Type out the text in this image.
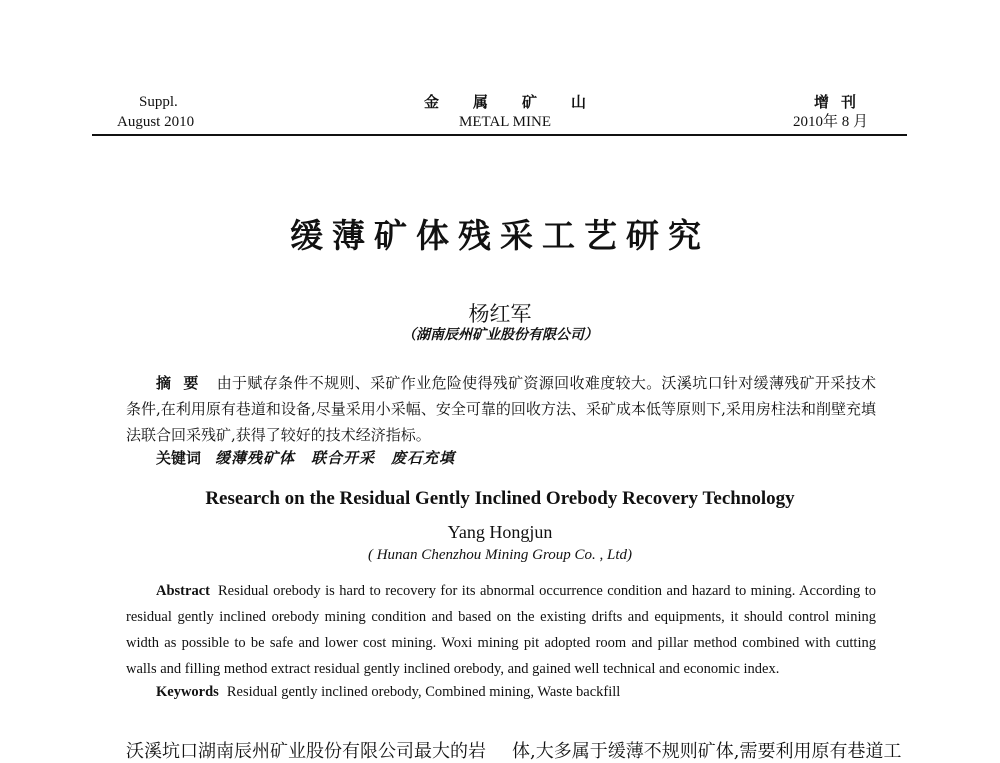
Suppl.
August 2010
金属矿山
METAL MINE
增刊
2010年 8 月
缓薄矿体残采工艺研究
杨红军
（湖南辰州矿业股份有限公司）
摘要 由于赋存条件不规则、采矿作业危险使得残矿资源回收难度较大。沃溪坑口针对缓薄残矿开采技术条件,在利用原有巷道和设备,尽量采用小采幅、安全可靠的回收方法、采矿成本低等原则下,采用房柱法和削壁充填法联合回采残矿,获得了较好的技术经济指标。
关键词 缓薄残矿体　联合开采　废石充填
Research on the Residual Gently Inclined Orebody Recovery Technology
Yang Hongjun
( Hunan Chenzhou Mining Group Co. , Ltd)
Abstract Residual orebody is hard to recovery for its abnormal occurrence condition and hazard to mining. According to residual gently inclined orebody mining condition and based on the existing drifts and equipments, it should control mining width as possible to be safe and lower cost mining. Woxi mining pit adopted room and pillar method combined with cutting walls and filling method extract residual gently inclined orebody, and gained well technical and economic index.
Keywords Residual gently inclined orebody, Combined mining, Waste backfill
沃溪坑口湖南辰州矿业股份有限公司最大的岩 体,大多属于缓薄不规则矿体,需要利用原有巷道工
